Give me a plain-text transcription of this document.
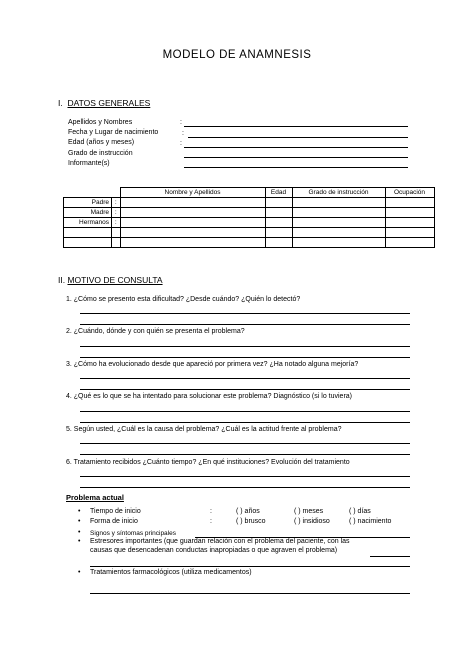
MODELO DE ANAMNESIS
I. DATOS GENERALES
Apellidos y Nombres	:
Fecha y Lugar de nacimiento	:
Edad (años y meses)	:
Grado de instrucción
Informante(s)
		Nombre y Apellidos	Edad	Grado de instrucción	Ocupación
Padre	:				
Madre	:				
Hermanos	:				

II. MOTIVO DE CONSULTA
1. ¿Cómo se presento esta dificultad? ¿Desde cuándo? ¿Quién lo detectó?
2. ¿Cuándo, dónde y con quién se presenta el problema?
3. ¿Cómo ha evolucionado desde que apareció por primera vez? ¿Ha notado alguna mejoría?
4. ¿Qué es lo que se ha intentado para solucionar este problema? Diagnóstico (si lo tuviera)
5. Según usted, ¿Cuál es la causa del problema? ¿Cuál es la actitud frente al problema?
6. Tratamiento recibidos ¿Cuánto tiempo? ¿En qué instituciones? Evolución del tratamiento
Problema actual
• Tiempo de inicio	:	( ) años	( ) meses	( ) días
• Forma de inicio	:	( ) brusco	( ) insidioso	( ) nacimiento
• Signos y síntomas principales
• Estresores importantes (que guardan relación con el problema del paciente, con las
causas que desencadenan conductas inapropiadas o que agraven el problema)
• Tratamientos farmacológicos (utiliza medicamentos)
